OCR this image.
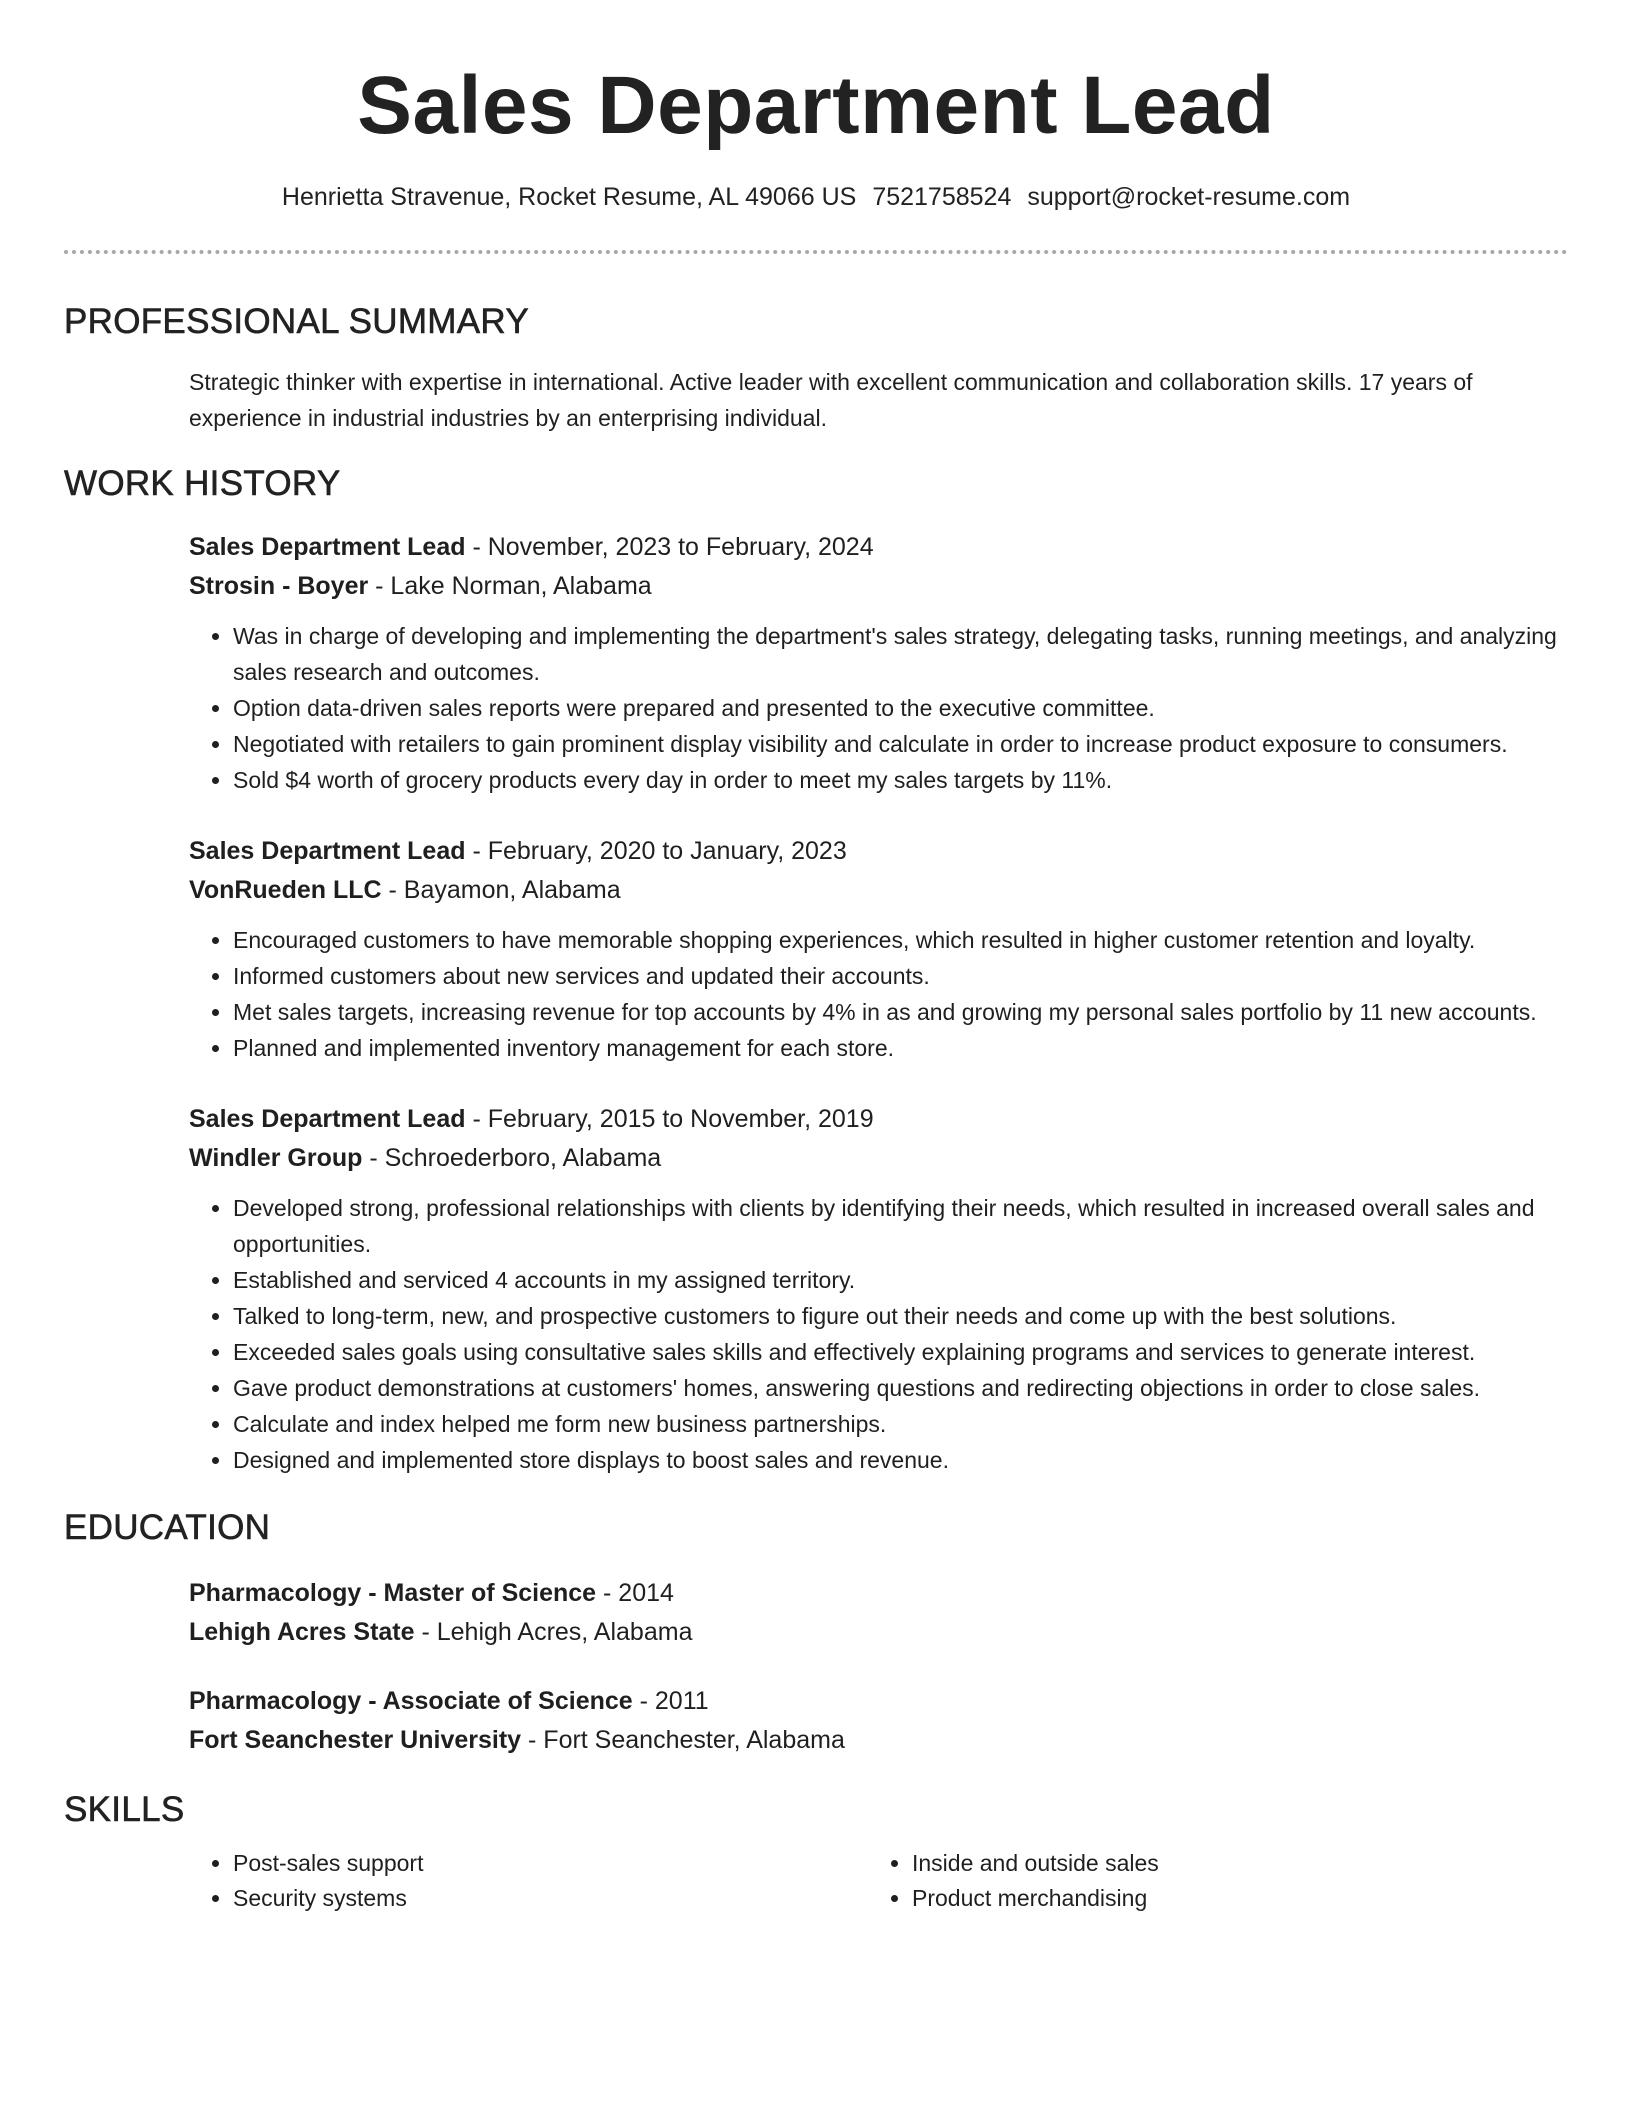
Sales Department Lead
Henrietta Stravenue, Rocket Resume, AL 49066 US 7521758524 support@rocket-resume.com
PROFESSIONAL SUMMARY

Strategic thinker with expertise in international. Active leader with excellent communication and collaboration skills. 17 years of experience in industrial industries by an enterprising individual.

WORK HISTORY
Sales Department Lead - November, 2023 to February, 2024
Strosin - Boyer - Lake Norman, Alabama
• Was in charge of developing and implementing the department's sales strategy, delegating tasks, running meetings, and analyzing sales research and outcomes.
• Option data-driven sales reports were prepared and presented to the executive committee.
• Negotiated with retailers to gain prominent display visibility and calculate in order to increase product exposure to consumers.
• Sold $4 worth of grocery products every day in order to meet my sales targets by 11%.
Sales Department Lead - February, 2020 to January, 2023
VonRueden LLC - Bayamon, Alabama
• Encouraged customers to have memorable shopping experiences, which resulted in higher customer retention and loyalty.
• Informed customers about new services and updated their accounts.
• Met sales targets, increasing revenue for top accounts by 4% in as and growing my personal sales portfolio by 11 new accounts.
• Planned and implemented inventory management for each store.
Sales Department Lead - February, 2015 to November, 2019
Windler Group - Schroederboro, Alabama
• Developed strong, professional relationships with clients by identifying their needs, which resulted in increased overall sales and opportunities.
• Established and serviced 4 accounts in my assigned territory.
• Talked to long-term, new, and prospective customers to figure out their needs and come up with the best solutions.
• Exceeded sales goals using consultative sales skills and effectively explaining programs and services to generate interest.
• Gave product demonstrations at customers' homes, answering questions and redirecting objections in order to close sales.
• Calculate and index helped me form new business partnerships.
• Designed and implemented store displays to boost sales and revenue.
EDUCATION
Pharmacology - Master of Science - 2014
Lehigh Acres State - Lehigh Acres, Alabama
Pharmacology - Associate of Science - 2011
Fort Seanchester University - Fort Seanchester, Alabama
SKILLS
• Post-sales support
• Security systems
• Inside and outside sales
• Product merchandising
